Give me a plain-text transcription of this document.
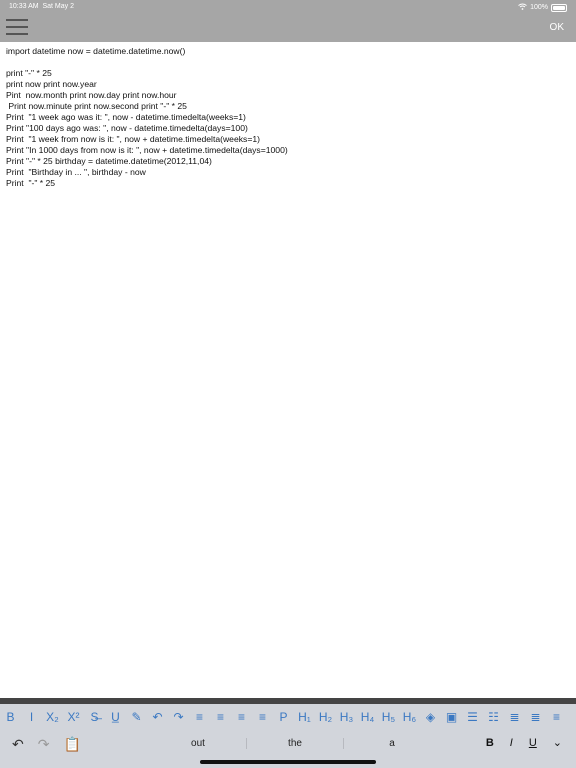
10:33 AM Sat May 2	100%
OK
import datetime now = datetime.datetime.now()
print "-" * 25
print now print now.year
Pint  now.month print now.day print now.hour
Print now.minute print now.second print "-" * 25
Print  "1 week ago was it: ", now - datetime.timedelta(weeks=1)
Print "100 days ago was: ", now - datetime.timedelta(days=100)
Print  "1 week from now is it: ", now + datetime.timedelta(weeks=1)
Print "In 1000 days from now is it: ", now + datetime.timedelta(days=1000)
Print "-" * 25 birthday = datetime.datetime(2012,11,04)
Print  "Birthday in ... ", birthday - now
Print  "-" * 25
B	I	X₂ X² S̶	U̲ ✎ ↶ ↷	≡	≡	≡	≡	P H₁ H₂ H₃ H₄ H₅ H₆ ◈ ▣ ☰ ☷ ≣ ≣	≡
↶ ↷ 📋	out	the	a	B I U ⌄
